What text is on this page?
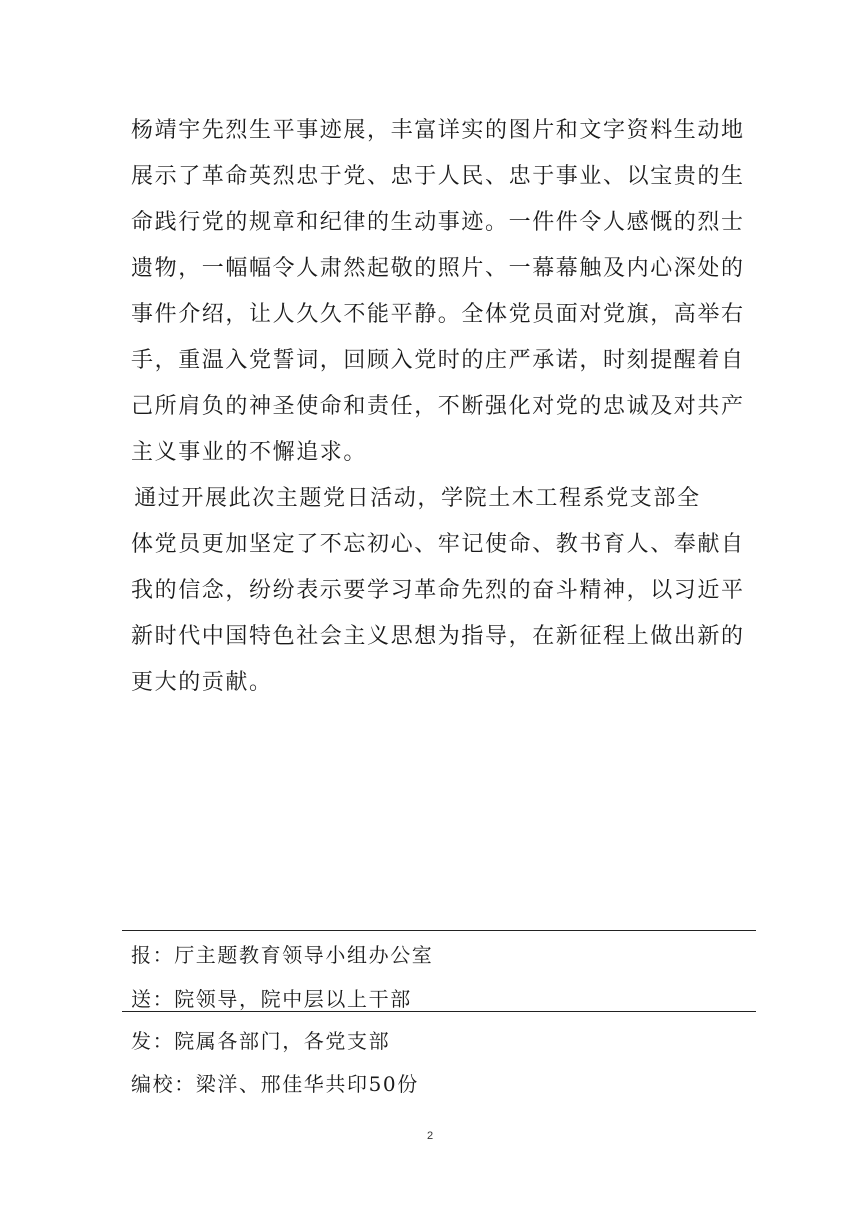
杨靖宇先烈生平事迹展，丰富详实的图片和文字资料生动地
展示了革命英烈忠于党、忠于人民、忠于事业、以宝贵的生
命践行党的规章和纪律的生动事迹。一件件令人感慨的烈士
遗物，一幅幅令人肃然起敬的照片、一幕幕触及内心深处的
事件介绍，让人久久不能平静。全体党员面对党旗，高举右
手，重温入党誓词，回顾入党时的庄严承诺，时刻提醒着自
己所肩负的神圣使命和责任，不断强化对党的忠诚及对共产
主义事业的不懈追求。
　　通过开展此次主题党日活动，学院土木工程系党支部全
体党员更加坚定了不忘初心、牢记使命、教书育人、奉献自
我的信念，纷纷表示要学习革命先烈的奋斗精神，以习近平
新时代中国特色社会主义思想为指导，在新征程上做出新的
更大的贡献。
报：厅主题教育领导小组办公室
送：院领导，院中层以上干部
发：院属各部门，各党支部
编校：梁洋、邢佳华共印50份
2
